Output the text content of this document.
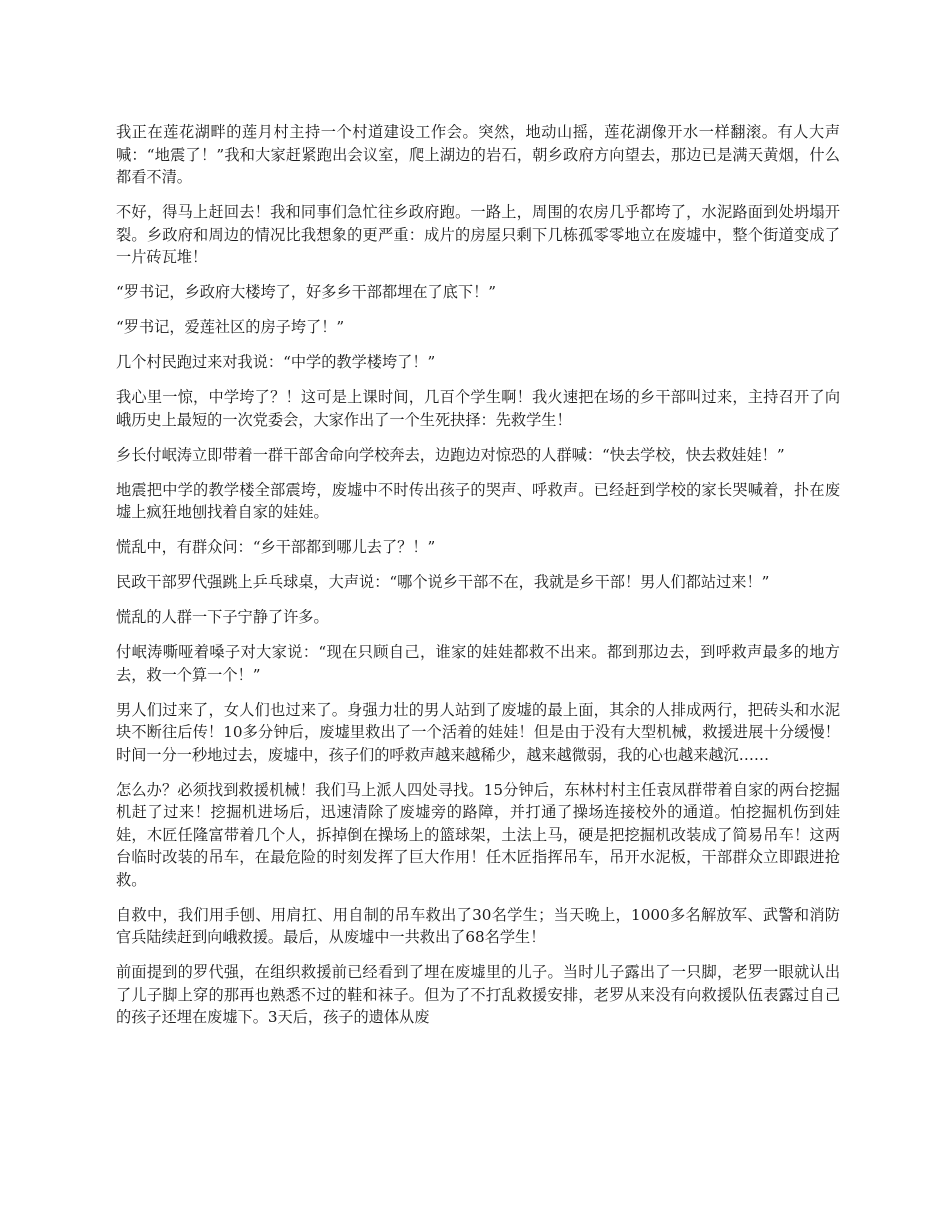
我正在莲花湖畔的莲月村主持一个村道建设工作会。突然，地动山摇，莲花湖像开水一样翻滚。有人大声喊：“地震了！”我和大家赶紧跑出会议室，爬上湖边的岩石，朝乡政府方向望去，那边已是满天黄烟，什么都看不清。

不好，得马上赶回去！我和同事们急忙往乡政府跑。一路上，周围的农房几乎都垮了，水泥路面到处坍塌开裂。乡政府和周边的情况比我想象的更严重：成片的房屋只剩下几栋孤零零地立在废墟中，整个街道变成了一片砖瓦堆！

“罗书记，乡政府大楼垮了，好多乡干部都埋在了底下！”

“罗书记，爱莲社区的房子垮了！”

几个村民跑过来对我说：“中学的教学楼垮了！”

我心里一惊，中学垮了？！这可是上课时间，几百个学生啊！我火速把在场的乡干部叫过来，主持召开了向峨历史上最短的一次党委会，大家作出了一个生死抉择：先救学生！

乡长付岷涛立即带着一群干部舍命向学校奔去，边跑边对惊恐的人群喊：“快去学校，快去救娃娃！”

地震把中学的教学楼全部震垮，废墟中不时传出孩子的哭声、呼救声。已经赶到学校的家长哭喊着，扑在废墟上疯狂地刨找着自家的娃娃。

慌乱中，有群众问：“乡干部都到哪儿去了？！”

民政干部罗代强跳上乒乓球桌，大声说：“哪个说乡干部不在，我就是乡干部！男人们都站过来！”

慌乱的人群一下子宁静了许多。

付岷涛嘶哑着嗓子对大家说：“现在只顾自己，谁家的娃娃都救不出来。都到那边去，到呼救声最多的地方去，救一个算一个！”

男人们过来了，女人们也过来了。身强力壮的男人站到了废墟的最上面，其余的人排成两行，把砖头和水泥块不断往后传！10多分钟后，废墟里救出了一个活着的娃娃！但是由于没有大型机械，救援进展十分缓慢！时间一分一秒地过去，废墟中，孩子们的呼救声越来越稀少，越来越微弱，我的心也越来越沉……

怎么办？必须找到救援机械！我们马上派人四处寻找。15分钟后，东林村村主任袁凤群带着自家的两台挖掘机赶了过来！挖掘机进场后，迅速清除了废墟旁的路障，并打通了操场连接校外的通道。怕挖掘机伤到娃娃，木匠任隆富带着几个人，拆掉倒在操场上的篮球架，土法上马，硬是把挖掘机改装成了简易吊车！这两台临时改装的吊车，在最危险的时刻发挥了巨大作用！任木匠指挥吊车，吊开水泥板，干部群众立即跟进抢救。

自救中，我们用手刨、用肩扛、用自制的吊车救出了30名学生；当天晚上，1000多名解放军、武警和消防官兵陆续赶到向峨救援。最后，从废墟中一共救出了68名学生！

前面提到的罗代强，在组织救援前已经看到了埋在废墟里的儿子。当时儿子露出了一只脚，老罗一眼就认出了儿子脚上穿的那再也熟悉不过的鞋和袜子。但为了不打乱救援安排，老罗从来没有向救援队伍表露过自己的孩子还埋在废墟下。3天后，孩子的遗体从废
